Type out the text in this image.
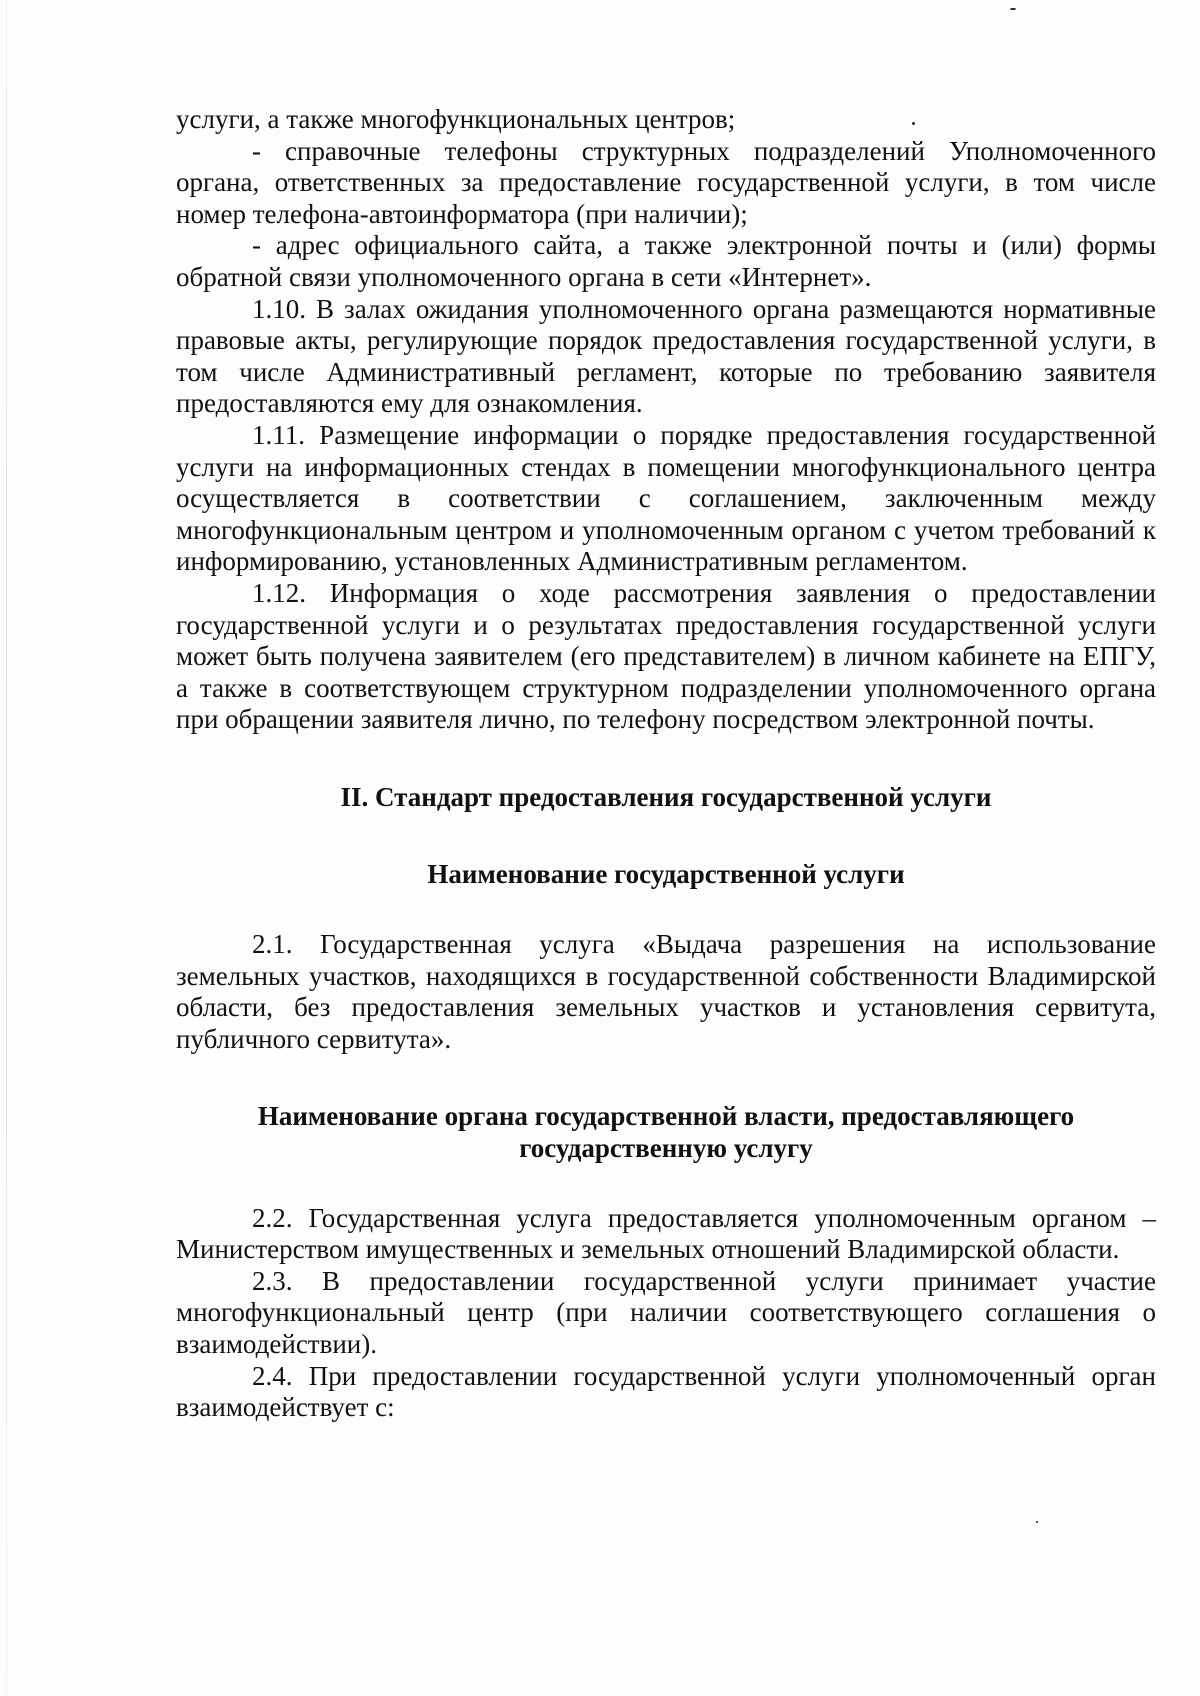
услуги, а также многофункциональных центров;

- справочные телефоны структурных подразделений Уполномоченного органа, ответственных за предоставление государственной услуги, в том числе номер телефона-автоинформатора (при наличии);

- адрес официального сайта, а также электронной почты и (или) формы обратной связи уполномоченного органа в сети «Интернет».

1.10. В залах ожидания уполномоченного органа размещаются нормативные правовые акты, регулирующие порядок предоставления государственной услуги, в том числе Административный регламент, которые по требованию заявителя предоставляются ему для ознакомления.

1.11. Размещение информации о порядке предоставления государственной услуги на информационных стендах в помещении многофункционального центра осуществляется в соответствии с соглашением, заключенным между многофункциональным центром и уполномоченным органом с учетом требований к информированию, установленных Административным регламентом.

1.12. Информация о ходе рассмотрения заявления о предоставлении государственной услуги и о результатах предоставления государственной услуги может быть получена заявителем (его представителем) в личном кабинете на ЕПГУ, а также в соответствующем структурном подразделении уполномоченного органа при обращении заявителя лично, по телефону посредством электронной почты.

II. Стандарт предоставления государственной услуги
Наименование государственной услуги

2.1. Государственная услуга «Выдача разрешения на использование земельных участков, находящихся в государственной собственности Владимирской области, без предоставления земельных участков и установления сервитута, публичного сервитута».

Наименование органа государственной власти, предоставляющего
государственную услугу

2.2. Государственная услуга предоставляется уполномоченным органом – Министерством имущественных и земельных отношений Владимирской области.

2.3. В предоставлении государственной услуги принимает участие многофункциональный центр (при наличии соответствующего соглашения о взаимодействии).

2.4. При предоставлении государственной услуги уполномоченный орган взаимодействует с:
